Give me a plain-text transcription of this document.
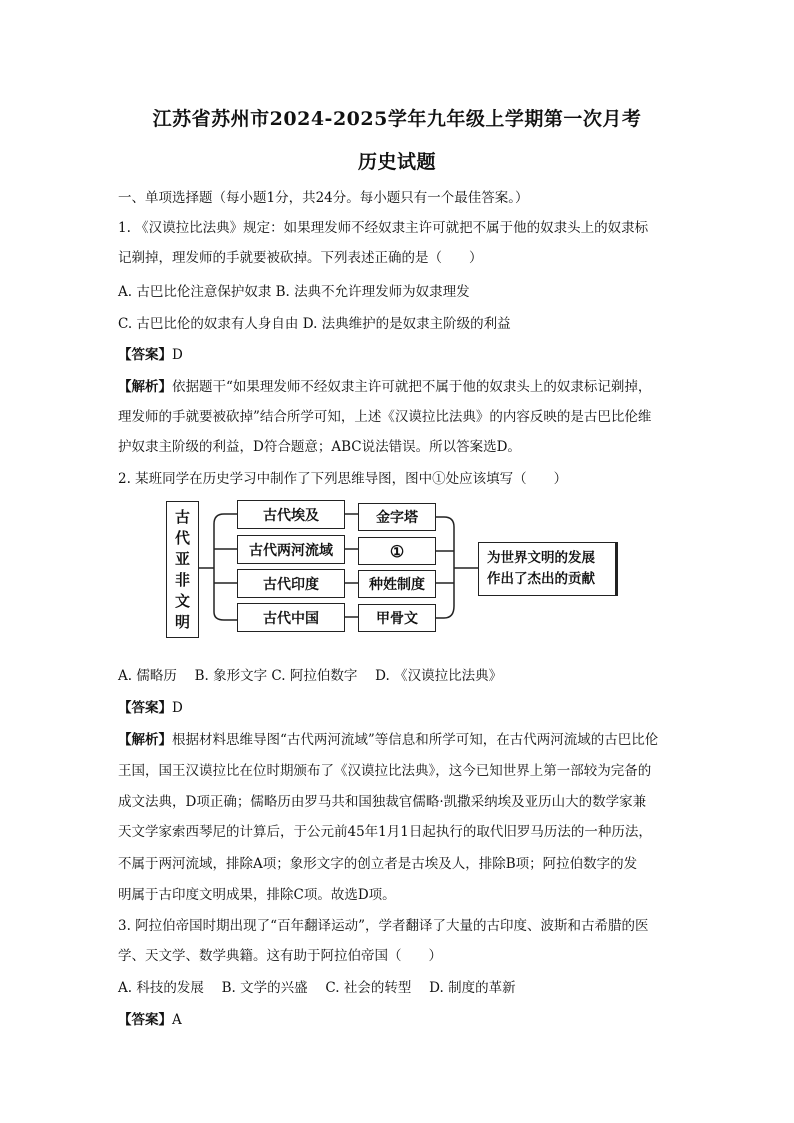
江苏省苏州市2024-2025学年九年级上学期第一次月考
历史试题
一、单项选择题（每小题1分，共24分。每小题只有一个最佳答案。）
1. 《汉谟拉比法典》规定：如果理发师不经奴隶主许可就把不属于他的奴隶头上的奴隶标
记剃掉，理发师的手就要被砍掉。下列表述正确的是（　　）
A. 古巴比伦注意保护奴隶 B. 法典不允许理发师为奴隶理发
C. 古巴比伦的奴隶有人身自由 D. 法典维护的是奴隶主阶级的利益
【答案】D
【解析】依据题干“如果理发师不经奴隶主许可就把不属于他的奴隶头上的奴隶标记剃掉，
理发师的手就要被砍掉”结合所学可知，上述《汉谟拉比法典》的内容反映的是古巴比伦维
护奴隶主阶级的利益，D符合题意；ABC说法错误。所以答案选D。
2. 某班同学在历史学习中制作了下列思维导图，图中①处应该填写（　　）
古
代
亚
非
文
明
古代埃及
古代两河流域
古代印度
古代中国
金字塔
①
种姓制度
甲骨文
为世界文明的发展
作出了杰出的贡献
A. 儒略历　 B. 象形文字 C. 阿拉伯数字　 D. 《汉谟拉比法典》
【答案】D
【解析】根据材料思维导图“古代两河流域”等信息和所学可知，在古代两河流域的古巴比伦
王国，国王汉谟拉比在位时期颁布了《汉谟拉比法典》，这今已知世界上第一部较为完备的
成文法典，D项正确；儒略历由罗马共和国独裁官儒略·凯撒采纳埃及亚历山大的数学家兼
天文学家索西琴尼的计算后，于公元前45年1月1日起执行的取代旧罗马历法的一种历法，
不属于两河流域，排除A项；象形文字的创立者是古埃及人，排除B项；阿拉伯数字的发
明属于古印度文明成果，排除C项。故选D项。
3. 阿拉伯帝国时期出现了“百年翻译运动”，学者翻译了大量的古印度、波斯和古希腊的医
学、天文学、数学典籍。这有助于阿拉伯帝国（　　）
A. 科技的发展　 B. 文学的兴盛　 C. 社会的转型　 D. 制度的革新
【答案】A
